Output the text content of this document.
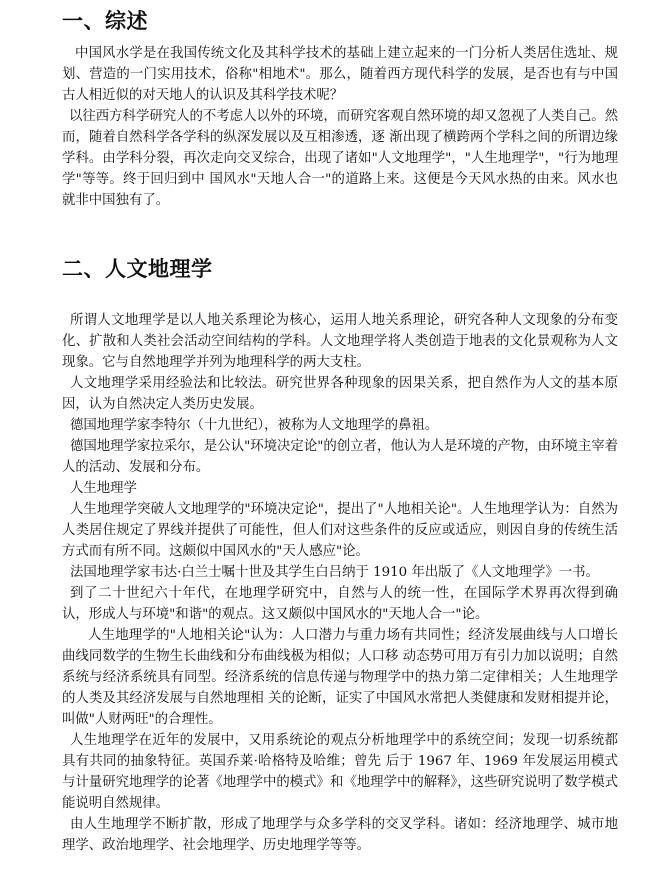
一、综述

中国风水学是在我国传统文化及其科学技术的基础上建立起来的一门分析人类居住选址、规划、营造的一门实用技术，俗称"相地术"。那么，随着西方现代科学的发展，是否也有与中国古人相近似的对天地人的认识及其科学技术呢？

以往西方科学研究人的不考虑人以外的环境，而研究客观自然环境的却又忽视了人类自己。然而，随着自然科学各学科的纵深发展以及互相渗透，逐 渐出现了横跨两个学科之间的所谓边缘学科。由学科分裂，再次走向交叉综合，出现了诸如"人文地理学"，"人生地理学"，"行为地理学"等等。终于回归到中 国风水"天地人合一"的道路上来。这便是今天风水热的由来。风水也就非中国独有了。

二、人文地理学

所谓人文地理学是以人地关系理论为核心，运用人地关系理论，研究各种人文现象的分布变化、扩散和人类社会活动空间结构的学科。人文地理学将人类创造于地表的文化景观称为人文现象。它与自然地理学并列为地理科学的两大支柱。

人文地理学采用经验法和比较法。研究世界各种现象的因果关系，把自然作为人文的基本原因，认为自然决定人类历史发展。

德国地理学家李特尔（十九世纪），被称为人文地理学的鼻祖。

德国地理学家拉采尔，是公认"环境决定论"的创立者，他认为人是环境的产物，由环境主宰着人的活动、发展和分布。

人生地理学

人生地理学突破人文地理学的"环境决定论"，提出了"人地相关论"。人生地理学认为：自然为人类居住规定了界线并提供了可能性，但人们对这些条件的反应或适应，则因自身的传统生活方式而有所不同。这颇似中国风水的"天人感应"论。

法国地理学家韦达·白兰士嘱十世及其学生白吕纳于 1910 年出版了《人文地理学》一书。

到了二十世纪六十年代，在地理学研究中，自然与人的统一性，在国际学术界再次得到确认，形成人与环境"和谐"的观点。这又颇似中国风水的"天地人合一"论。

人生地理学的"人地相关论"认为：人口潜力与重力场有共同性；经济发展曲线与人口增长曲线同数学的生物生长曲线和分布曲线极为相似；人口移 动态势可用万有引力加以说明；自然系统与经济系统具有同型。经济系统的信息传递与物理学中的热力第二定律相关；人生地理学的人类及其经济发展与自然地理相 关的论断，证实了中国风水常把人类健康和发财相提并论，叫做"人财两旺"的合理性。

人生地理学在近年的发展中，又用系统论的观点分析地理学中的系统空间；发现一切系统都具有共同的抽象特征。英国乔莱·哈格特及哈维；曾先 后于 1967 年、1969 年发展运用模式与计量研究地理学的论著《地理学中的模式》和《地理学中的解释》，这些研究说明了数学模式能说明自然规律。

由人生地理学不断扩散，形成了地理学与众多学科的交叉学科。诸如：经济地理学、城市地理学、政治地理学、社会地理学、历史地理学等等。
